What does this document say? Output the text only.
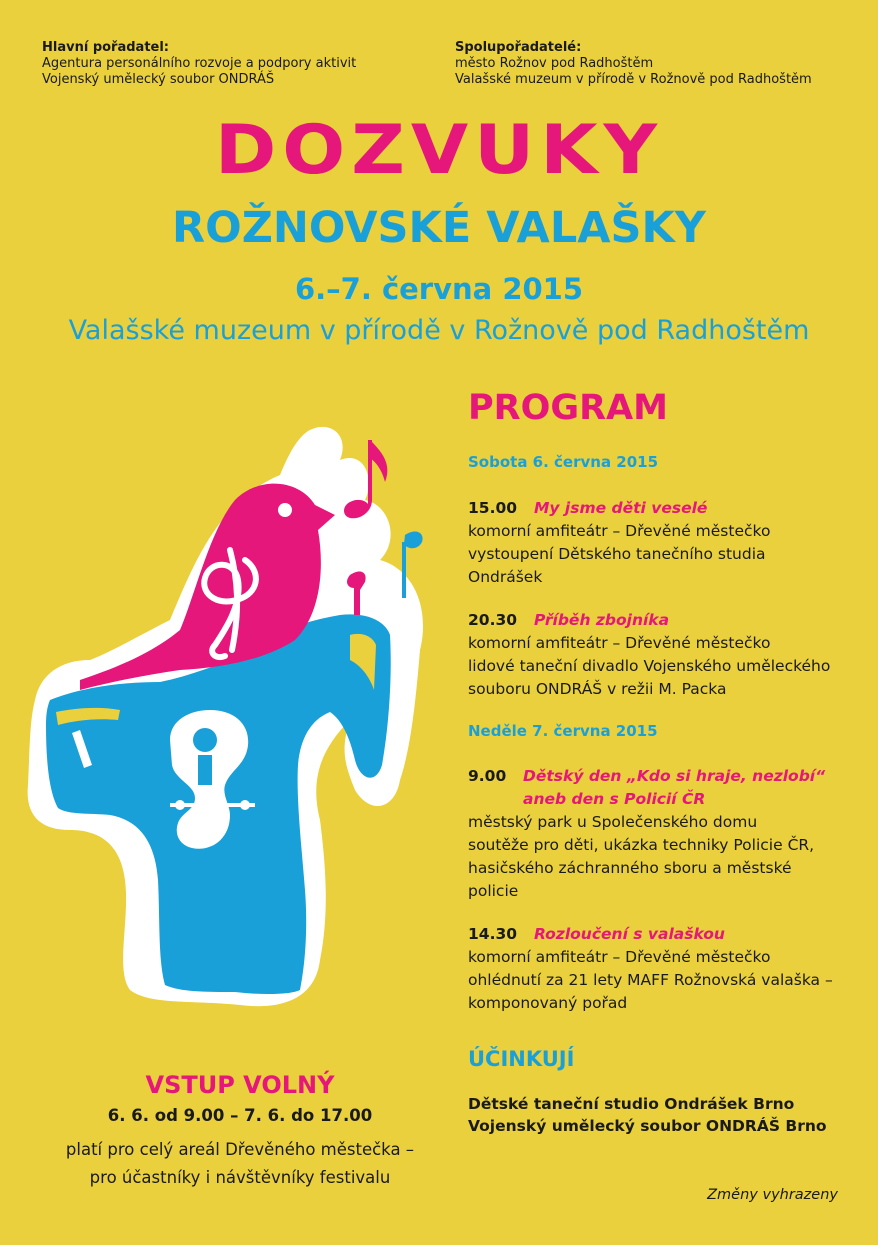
Hlavní pořadatel:
Agentura personálního rozvoje a podpory aktivit
Vojenský umělecký soubor ONDRÁŠ
Spolupořadatelé:
město Rožnov pod Radhoštěm
Valašské muzeum v přírodě v Rožnově pod Radhoštěm
DOZVUKY
ROŽNOVSKÉ VALAŠKY
6.–7. června 2015
Valašské muzeum v přírodě v Rožnově pod Radhoštěm
PROGRAM
Sobota 6. června 2015
15.00 My jsme děti veselé
komorní amfiteátr – Dřevěné městečko
vystoupení Dětského tanečního studia
Ondrášek
20.30 Příběh zbojníka
komorní amfiteátr – Dřevěné městečko
lidové taneční divadlo Vojenského uměleckého
souboru ONDRÁŠ v režii M. Packa
Neděle 7. června 2015
9.00 Dětský den „Kdo si hraje, nezlobí“
aneb den s Policií ČR
městský park u Společenského domu
soutěže pro děti, ukázka techniky Policie ČR,
hasičského záchranného sboru a městské
policie
14.30 Rozloučení s valaškou
komorní amfiteátr – Dřevěné městečko
ohlédnutí za 21 lety MAFF Rožnovská valaška –
komponovaný pořad
ÚČINKUJÍ
Dětské taneční studio Ondrášek Brno
Vojenský umělecký soubor ONDRÁŠ Brno
VSTUP VOLNÝ
6. 6. od 9.00 – 7. 6. do 17.00
platí pro celý areál Dřevěného městečka –
pro účastníky i návštěvníky festivalu
Změny vyhrazeny
